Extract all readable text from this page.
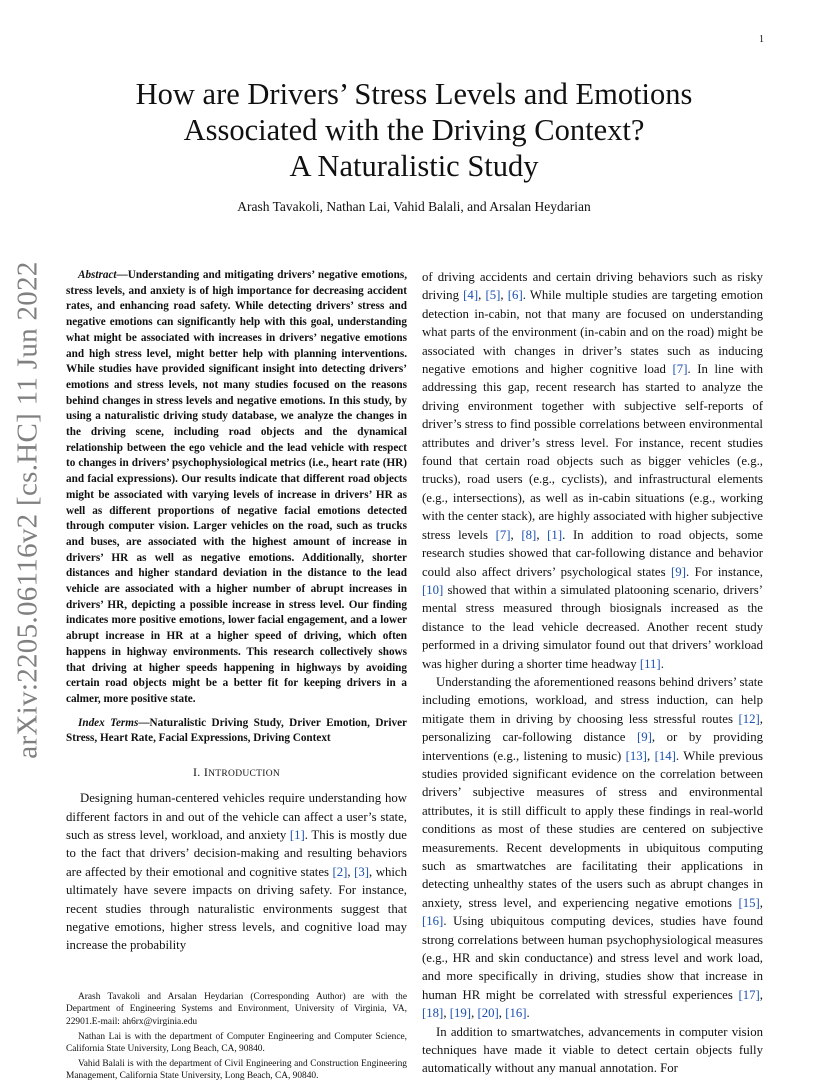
1
arXiv:2205.06116v2 [cs.HC] 11 Jun 2022
How are Drivers’ Stress Levels and Emotions
Associated with the Driving Context?
A Naturalistic Study
Arash Tavakoli, Nathan Lai, Vahid Balali, and Arsalan Heydarian

Abstract—Understanding and mitigating drivers’ negative emotions, stress levels, and anxiety is of high importance for decreasing accident rates, and enhancing road safety. While detecting drivers’ stress and negative emotions can significantly help with this goal, understanding what might be associated with increases in drivers’ negative emotions and high stress level, might better help with planning interventions. While studies have provided significant insight into detecting drivers’ emotions and stress levels, not many studies focused on the reasons behind changes in stress levels and negative emotions. In this study, by using a naturalistic driving study database, we analyze the changes in the driving scene, including road objects and the dynamical relationship between the ego vehicle and the lead vehicle with respect to changes in drivers’ psychophysiological metrics (i.e., heart rate (HR) and facial expressions). Our results indicate that different road objects might be associated with varying levels of increase in drivers’ HR as well as different proportions of negative facial emotions detected through computer vision. Larger vehicles on the road, such as trucks and buses, are associated with the highest amount of increase in drivers’ HR as well as negative emotions. Additionally, shorter distances and higher standard deviation in the distance to the lead vehicle are associated with a higher number of abrupt increases in drivers’ HR, depicting a possible increase in stress level. Our finding indicates more positive emotions, lower facial engagement, and a lower abrupt increase in HR at a higher speed of driving, which often happens in highway environments. This research collectively shows that driving at higher speeds happening in highways by avoiding certain road objects might be a better fit for keeping drivers in a calmer, more positive state.

Index Terms—Naturalistic Driving Study, Driver Emotion, Driver Stress, Heart Rate, Facial Expressions, Driving Context

I. INTRODUCTION

Designing human-centered vehicles require understanding how different factors in and out of the vehicle can affect a user’s state, such as stress level, workload, and anxiety [1]. This is mostly due to the fact that drivers’ decision-making and resulting behaviors are affected by their emotional and cognitive states [2], [3], which ultimately have severe impacts on driving safety. For instance, recent studies through naturalistic environments suggest that negative emotions, higher stress levels, and cognitive load may increase the probability

Arash Tavakoli and Arsalan Heydarian (Corresponding Author) are with the Department of Engineering Systems and Environment, University of Virginia, VA, 22901.E-mail: ah6rx@virginia.edu

Nathan Lai is with the department of Computer Engineering and Computer Science, California State University, Long Beach, CA, 90840.

Vahid Balali is with the department of Civil Engineering and Construction Engineering Management, California State University, Long Beach, CA, 90840.

of driving accidents and certain driving behaviors such as risky driving [4], [5], [6]. While multiple studies are targeting emotion detection in-cabin, not that many are focused on understanding what parts of the environment (in-cabin and on the road) might be associated with changes in driver’s states such as inducing negative emotions and higher cognitive load [7]. In line with addressing this gap, recent research has started to analyze the driving environment together with subjective self-reports of driver’s stress to find possible correlations between environmental attributes and driver’s stress level. For instance, recent studies found that certain road objects such as bigger vehicles (e.g., trucks), road users (e.g., cyclists), and infrastructural elements (e.g., intersections), as well as in-cabin situations (e.g., working with the center stack), are highly associated with higher subjective stress levels [7], [8], [1]. In addition to road objects, some research studies showed that car-following distance and behavior could also affect drivers’ psychological states [9]. For instance, [10] showed that within a simulated platooning scenario, drivers’ mental stress measured through biosignals increased as the distance to the lead vehicle decreased. Another recent study performed in a driving simulator found out that drivers’ workload was higher during a shorter time headway [11].

Understanding the aforementioned reasons behind drivers’ state including emotions, workload, and stress induction, can help mitigate them in driving by choosing less stressful routes [12], personalizing car-following distance [9], or by providing interventions (e.g., listening to music) [13], [14]. While previous studies provided significant evidence on the correlation between drivers’ subjective measures of stress and environmental attributes, it is still difficult to apply these findings in real-world conditions as most of these studies are centered on subjective measurements. Recent developments in ubiquitous computing such as smartwatches are facilitating their applications in detecting unhealthy states of the users such as abrupt changes in anxiety, stress level, and experiencing negative emotions [15], [16]. Using ubiquitous computing devices, studies have found strong correlations between human psychophysiological measures (e.g., HR and skin conductance) and stress level and work load, and more specifically in driving, studies show that increase in human HR might be correlated with stressful experiences [17], [18], [19], [20], [16].

In addition to smartwatches, advancements in computer vision techniques have made it viable to detect certain objects fully automatically without any manual annotation. For
